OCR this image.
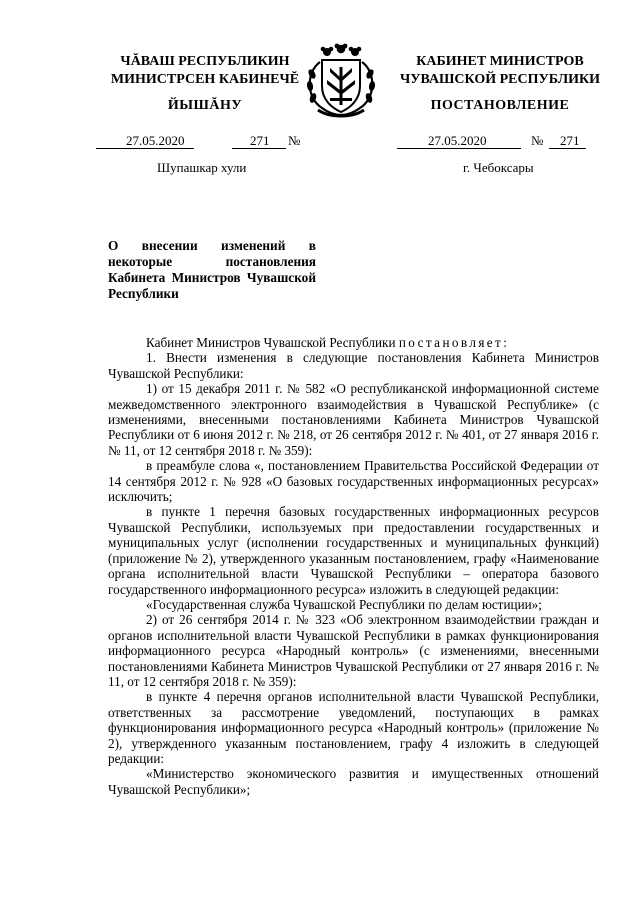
ЧĂВАШ РЕСПУБЛИКИН
МИНИСТРСЕН КАБИНЕЧĔ
КАБИНЕТ МИНИСТРОВ
ЧУВАШСКОЙ РЕСПУБЛИКИ
ЙЫШĂНУ	ПОСТАНОВЛЕНИЕ
27.05.2020	271 №	27.05.2020	№ 271
Шупашкар хули	г. Чебоксары
О внесении изменений в некоторые постановления Кабинета Министров Чувашской Республики

Кабинет Министров Чувашской Республики постановляет:

1. Внести изменения в следующие постановления Кабинета Министров Чувашской Республики:

1) от 15 декабря 2011 г. № 582 «О республиканской информационной системе межведомственного электронного взаимодействия в Чувашской Республике» (с изменениями, внесенными постановлениями Кабинета Министров Чувашской Республики от 6 июня 2012 г. № 218, от 26 сентября 2012 г. № 401, от 27 января 2016 г. № 11, от 12 сентября 2018 г. № 359):

в преамбуле слова «, постановлением Правительства Российской Федерации от 14 сентября 2012 г. № 928 «О базовых государственных информационных ресурсах» исключить;

в пункте 1 перечня базовых государственных информационных ресурсов Чувашской Республики, используемых при предоставлении государственных и муниципальных услуг (исполнении государственных и муниципальных функций) (приложение № 2), утвержденного указанным постановлением, графу «Наименование органа исполнительной власти Чувашской Республики – оператора базового государственного информационного ресурса» изложить в следующей редакции:

«Государственная служба Чувашской Республики по делам юстиции»;

2) от 26 сентября 2014 г. № 323 «Об электронном взаимодействии граждан и органов исполнительной власти Чувашской Республики в рамках функционирования информационного ресурса «Народный контроль» (с изменениями, внесенными постановлениями Кабинета Министров Чувашской Республики от 27 января 2016 г. № 11, от 12 сентября 2018 г. № 359):

в пункте 4 перечня органов исполнительной власти Чувашской Республики, ответственных за рассмотрение уведомлений, поступающих в рамках функционирования информационного ресурса «Народный контроль» (приложение № 2), утвержденного указанным постановлением, графу 4 изложить в следующей редакции:

«Министерство экономического развития и имущественных отношений Чувашской Республики»;
